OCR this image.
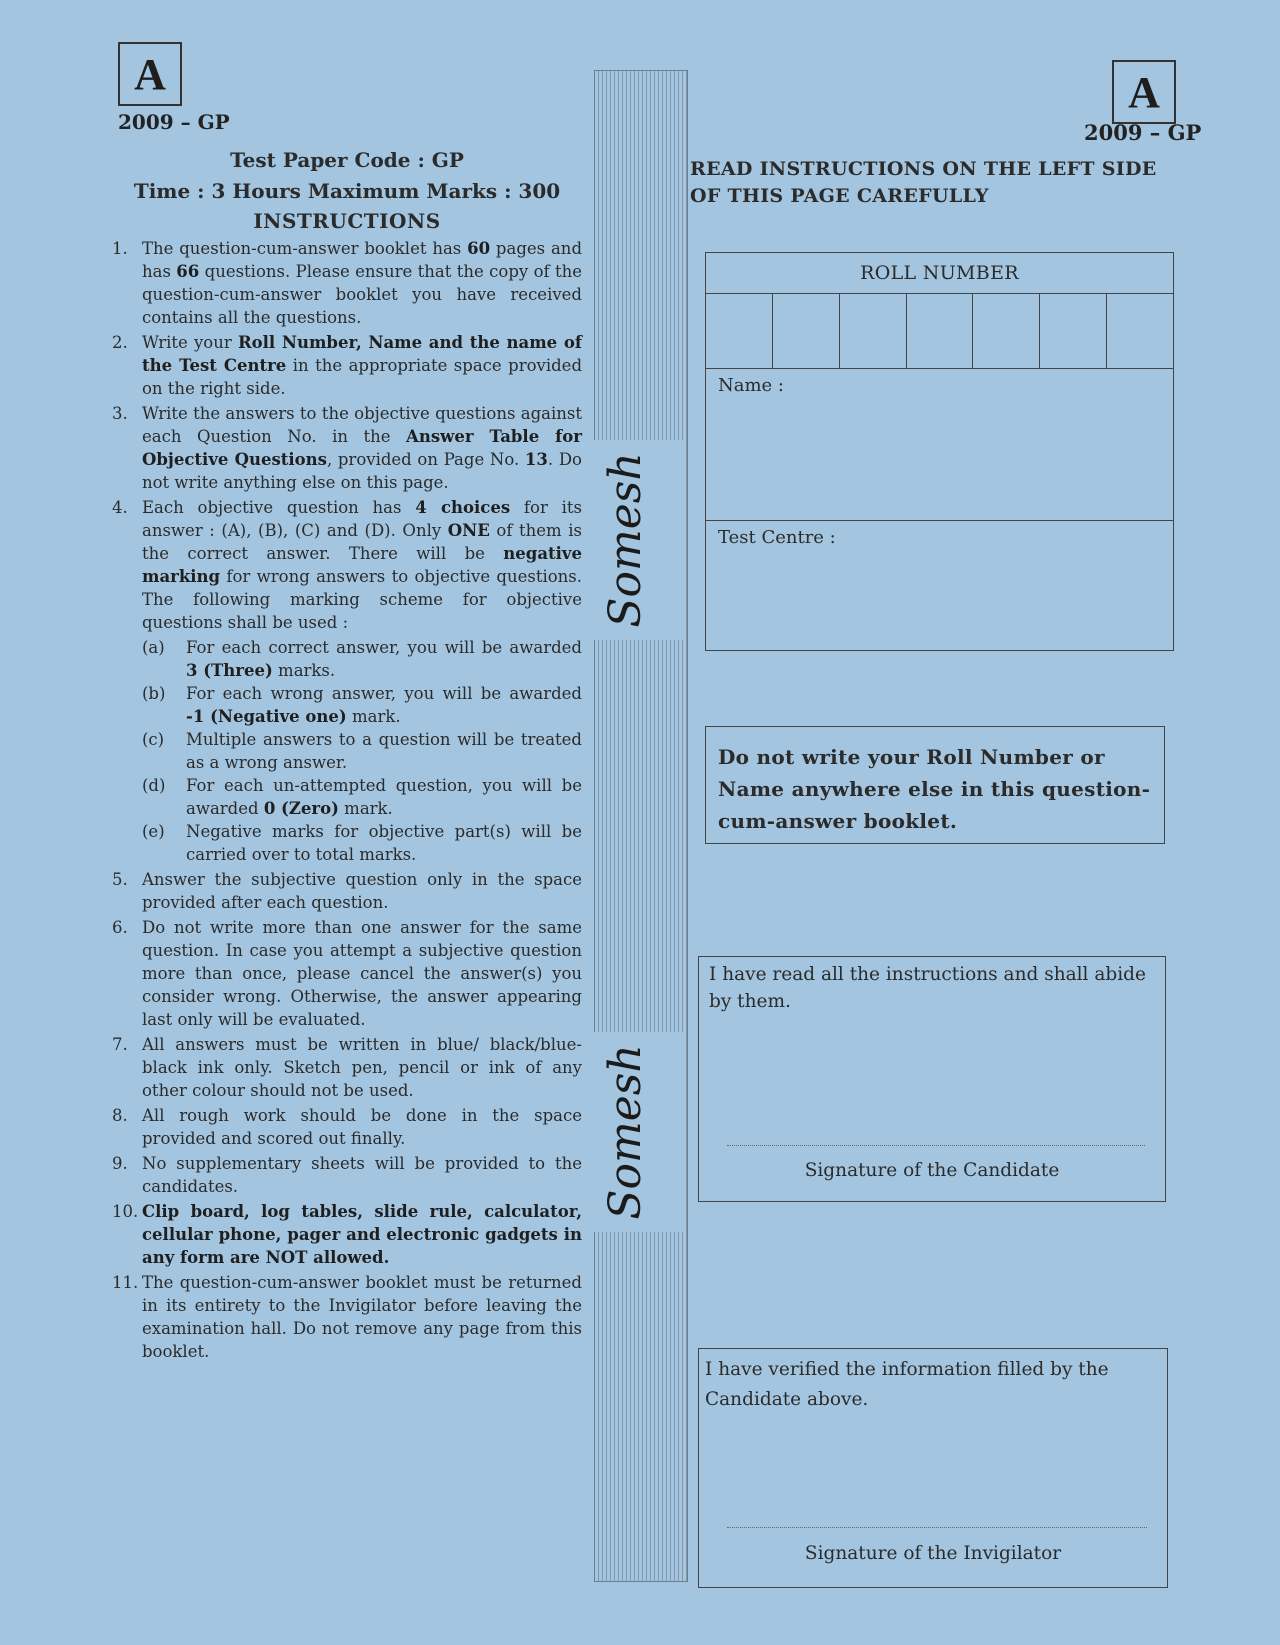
A
2009 – GP
Test Paper Code : GP
Time : 3 Hours Maximum Marks : 300
INSTRUCTIONS
1. The question-cum-answer booklet has 60 pages and has 66 questions. Please ensure that the copy of the question-cum-answer booklet you have received contains all the questions.
2. Write your Roll Number, Name and the name of the Test Centre in the appropriate space provided on the right side.
3. Write the answers to the objective questions against each Question No. in the Answer Table for Objective Questions, provided on Page No. 13. Do not write anything else on this page.
4. Each objective question has 4 choices for its answer : (A), (B), (C) and (D). Only ONE of them is the correct answer. There will be negative marking for wrong answers to objective questions. The following marking scheme for objective questions shall be used :
(a) For each correct answer, you will be awarded 3 (Three) marks.
(b) For each wrong answer, you will be awarded -1 (Negative one) mark.
(c) Multiple answers to a question will be treated as a wrong answer.
(d) For each un-attempted question, you will be awarded 0 (Zero) mark.
(e) Negative marks for objective part(s) will be carried over to total marks.
5. Answer the subjective question only in the space provided after each question.
6. Do not write more than one answer for the same question. In case you attempt a subjective question more than once, please cancel the answer(s) you consider wrong. Otherwise, the answer appearing last only will be evaluated.
7. All answers must be written in blue/ black/blue-black ink only. Sketch pen, pencil or ink of any other colour should not be used.
8. All rough work should be done in the space provided and scored out finally.
9. No supplementary sheets will be provided to the candidates.
10. Clip board, log tables, slide rule, calculator, cellular phone, pager and electronic gadgets in any form are NOT allowed.
11. The question-cum-answer booklet must be returned in its entirety to the Invigilator before leaving the examination hall. Do not remove any page from this booklet.
Somesh
Somesh
A
2009 – GP
READ INSTRUCTIONS ON THE LEFT SIDE OF THIS PAGE CAREFULLY
ROLL NUMBER
Name :
Test Centre :
Do not write your Roll Number or Name anywhere else in this question-cum-answer booklet.
I have read all the instructions and shall abide by them.
Signature of the Candidate
I have verified the information filled by the Candidate above.
Signature of the Invigilator
